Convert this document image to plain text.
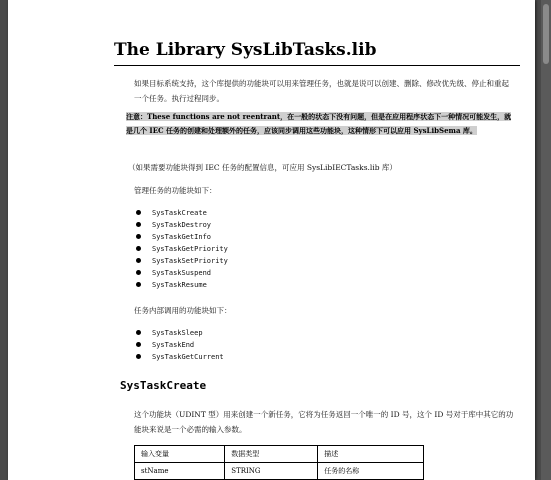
The Library SysLibTasks.lib

如果目标系统支持，这个库提供的功能块可以用来管理任务，也就是说可以创建、删除、修改优先级、停止和重起一个任务。执行过程同步。

注意：These functions are not reentrant，在一般的状态下没有问题，但是在应用程序状态下一种情况可能发生，就是几个 IEC 任务的创建和处理额外的任务，应该同步调用这些功能块，这种情形下可以应用 SysLibSema 库。

（如果需要功能块得到 IEC 任务的配置信息，可应用 SysLibIECTasks.lib 库）

管理任务的功能块如下：

SysTaskCreate
SysTaskDestroy
SysTaskGetInfo
SysTaskGetPriority
SysTaskSetPriority
SysTaskSuspend
SysTaskResume

任务内部调用的功能块如下：

SysTaskSleep
SysTaskEnd
SysTaskGetCurrent
SysTaskCreate

这个功能块（UDINT 型）用来创建一个新任务，它将为任务返回一个唯一的 ID 号，这个 ID 号对于库中其它的功能块来说是一个必需的输入参数。

输入变量	数据类型	描述
stName	STRING	任务的名称
